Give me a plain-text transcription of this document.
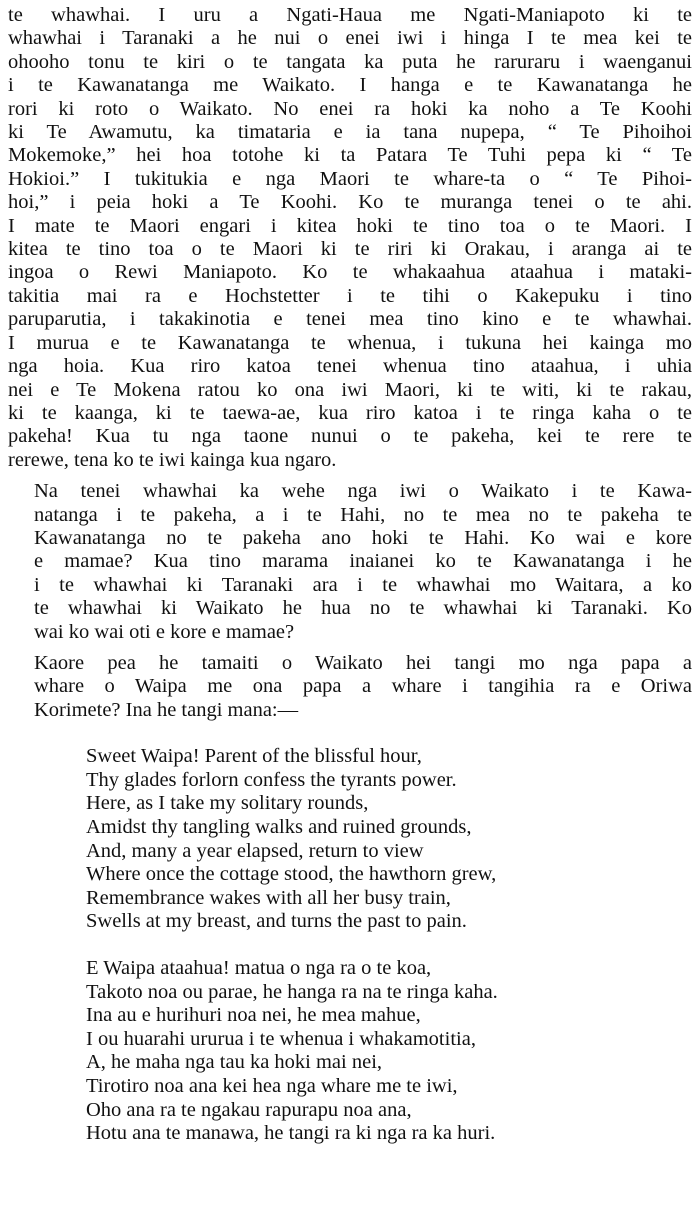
te whawhai. I uru a Ngati-Haua me Ngati-Maniapoto ki te
whawhai i Taranaki a he nui o enei iwi i hinga I te mea kei te
ohooho tonu te kiri o te tangata ka puta he raruraru i waenganui
i te Kawanatanga me Waikato. I hanga e te Kawanatanga he
rori ki roto o Waikato. No enei ra hoki ka noho a Te Koohi
ki Te Awamutu, ka timataria e ia tana nupepa, “ Te Pihoihoi
Mokemoke,” hei hoa totohe ki ta Patara Te Tuhi pepa ki “ Te
Hokioi.” I tukitukia e nga Maori te whare-ta o “ Te Pihoi-
hoi,” i peia hoki a Te Koohi. Ko te muranga tenei o te ahi.
I mate te Maori engari i kitea hoki te tino toa o te Maori. I
kitea te tino toa o te Maori ki te riri ki Orakau, i aranga ai te
ingoa o Rewi Maniapoto. Ko te whakaahua ataahua i mataki-
takitia mai ra e Hochstetter i te tihi o Kakepuku i tino
paruparutia, i takakinotia e tenei mea tino kino e te whawhai.
I murua e te Kawanatanga te whenua, i tukuna hei kainga mo
nga hoia. Kua riro katoa tenei whenua tino ataahua, i uhia
nei e Te Mokena ratou ko ona iwi Maori, ki te witi, ki te rakau,
ki te kaanga, ki te taewa-ae, kua riro katoa i te ringa kaha o te
pakeha! Kua tu nga taone nunui o te pakeha, kei te rere te
rerewe, tena ko te iwi kainga kua ngaro.

Na tenei whawhai ka wehe nga iwi o Waikato i te Kawa-
natanga i te pakeha, a i te Hahi, no te mea no te pakeha te
Kawanatanga no te pakeha ano hoki te Hahi. Ko wai e kore
e mamae? Kua tino marama inaianei ko te Kawanatanga i he
i te whawhai ki Taranaki ara i te whawhai mo Waitara, a ko
te whawhai ki Waikato he hua no te whawhai ki Taranaki. Ko
wai ko wai oti e kore e mamae?

Kaore pea he tamaiti o Waikato hei tangi mo nga papa a
whare o Waipa me ona papa a whare i tangihia ra e Oriwa
Korimete? Ina he tangi mana:—

Sweet Waipa! Parent of the blissful hour,
Thy glades forlorn confess the tyrants power.
Here, as I take my solitary rounds,
Amidst thy tangling walks and ruined grounds,
And, many a year elapsed, return to view
Where once the cottage stood, the hawthorn grew,
Remembrance wakes with all her busy train,
Swells at my breast, and turns the past to pain.
E Waipa ataahua! matua o nga ra o te koa,
Takoto noa ou parae, he hanga ra na te ringa kaha.
Ina au e hurihuri noa nei, he mea mahue,
I ou huarahi ururua i te whenua i whakamotitia,
A, he maha nga tau ka hoki mai nei,
Tirotiro noa ana kei hea nga whare me te iwi,
Oho ana ra te ngakau rapurapu noa ana,
Hotu ana te manawa, he tangi ra ki nga ra ka huri.
